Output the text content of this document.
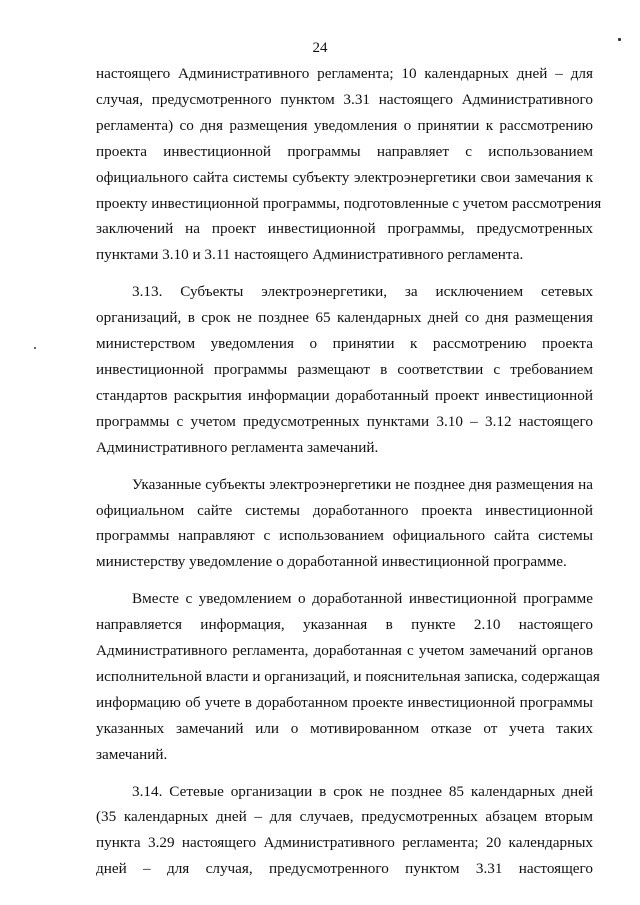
24
настоящего Административного регламента; 10 календарных дней – для
случая, предусмотренного пунктом 3.31 настоящего Административного
регламента) со дня размещения уведомления о принятии к рассмотрению
проекта инвестиционной программы направляет с использованием
официального сайта системы субъекту электроэнергетики свои замечания к
проекту инвестиционной программы, подготовленные с учетом рассмотрения
заключений на проект инвестиционной программы, предусмотренных
пунктами 3.10 и 3.11 настоящего Административного регламента.
3.13. Субъекты электроэнергетики, за исключением сетевых
организаций, в срок не позднее 65 календарных дней со дня размещения
министерством уведомления о принятии к рассмотрению проекта
инвестиционной программы размещают в соответствии с требованием
стандартов раскрытия информации доработанный проект инвестиционной
программы с учетом предусмотренных пунктами 3.10 – 3.12 настоящего
Административного регламента замечаний.
Указанные субъекты электроэнергетики не позднее дня размещения на
официальном сайте системы доработанного проекта инвестиционной
программы направляют с использованием официального сайта системы
министерству уведомление о доработанной инвестиционной программе.
Вместе с уведомлением о доработанной инвестиционной программе
направляется информация, указанная в пункте 2.10 настоящего
Административного регламента, доработанная с учетом замечаний органов
исполнительной власти и организаций, и пояснительная записка, содержащая
информацию об учете в доработанном проекте инвестиционной программы
указанных замечаний или о мотивированном отказе от учета таких
замечаний.
3.14. Сетевые организации в срок не позднее 85 календарных дней
(35 календарных дней – для случаев, предусмотренных абзацем вторым
пункта 3.29 настоящего Административного регламента; 20 календарных
дней – для случая, предусмотренного пунктом 3.31 настоящего
